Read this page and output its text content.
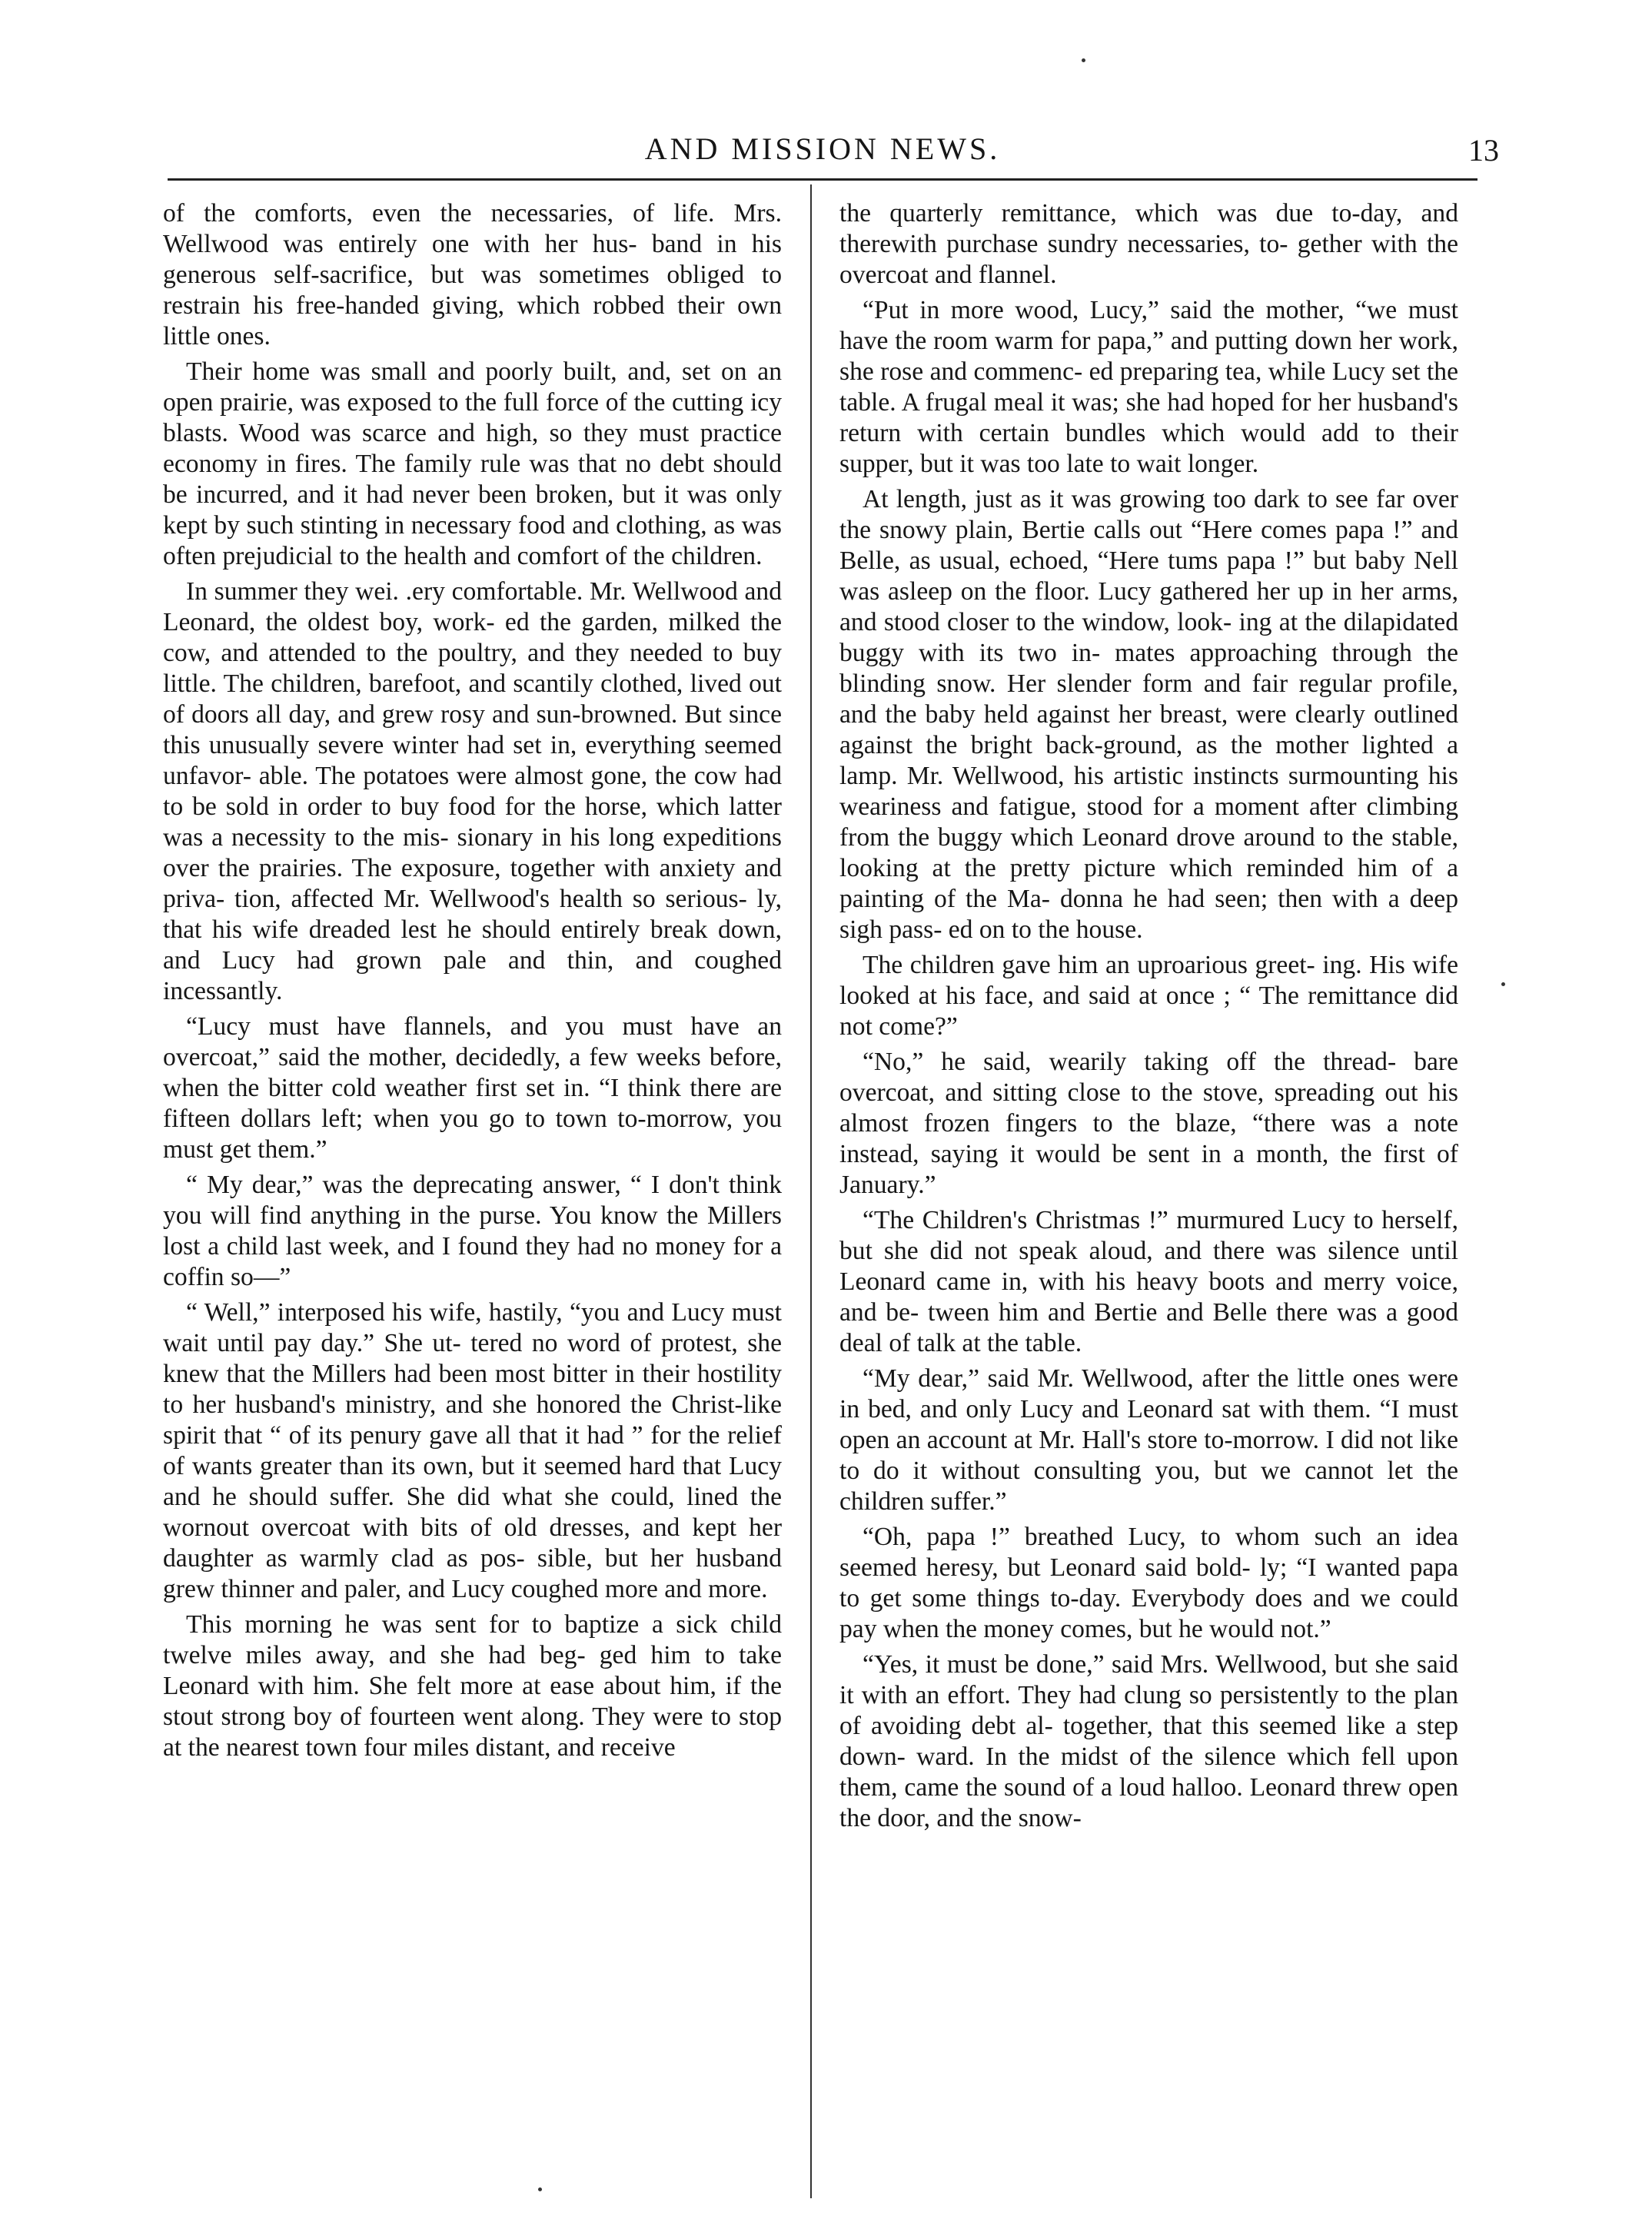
AND MISSION NEWS.	13

of the comforts, even the necessaries, of life. Mrs. Wellwood was entirely one with her hus- band in his generous self-sacrifice, but was sometimes obliged to restrain his free-handed giving, which robbed their own little ones.

Their home was small and poorly built, and, set on an open prairie, was exposed to the full force of the cutting icy blasts. Wood was scarce and high, so they must practice economy in fires. The family rule was that no debt should be incurred, and it had never been broken, but it was only kept by such stinting in necessary food and clothing, as was often prejudicial to the health and comfort of the children.

In summer they wei. .ery comfortable. Mr. Wellwood and Leonard, the oldest boy, work- ed the garden, milked the cow, and attended to the poultry, and they needed to buy little. The children, barefoot, and scantily clothed, lived out of doors all day, and grew rosy and sun-browned. But since this unusually severe winter had set in, everything seemed unfavor- able. The potatoes were almost gone, the cow had to be sold in order to buy food for the horse, which latter was a necessity to the mis- sionary in his long expeditions over the prairies. The exposure, together with anxiety and priva- tion, affected Mr. Wellwood's health so serious- ly, that his wife dreaded lest he should entirely break down, and Lucy had grown pale and thin, and coughed incessantly.

“Lucy must have flannels, and you must have an overcoat,” said the mother, decidedly, a few weeks before, when the bitter cold weather first set in. “I think there are fifteen dollars left; when you go to town to-morrow, you must get them.”

“ My dear,” was the deprecating answer, “ I don't think you will find anything in the purse. You know the Millers lost a child last week, and I found they had no money for a coffin so—”

“ Well,” interposed his wife, hastily, “you and Lucy must wait until pay day.” She ut- tered no word of protest, she knew that the Millers had been most bitter in their hostility to her husband's ministry, and she honored the Christ-like spirit that “ of its penury gave all that it had ” for the relief of wants greater than its own, but it seemed hard that Lucy and he should suffer. She did what she could, lined the wornout overcoat with bits of old dresses, and kept her daughter as warmly clad as pos- sible, but her husband grew thinner and paler, and Lucy coughed more and more.

This morning he was sent for to baptize a sick child twelve miles away, and she had beg- ged him to take Leonard with him. She felt more at ease about him, if the stout strong boy of fourteen went along. They were to stop at the nearest town four miles distant, and receive

the quarterly remittance, which was due to-day, and therewith purchase sundry necessaries, to- gether with the overcoat and flannel.

“Put in more wood, Lucy,” said the mother, “we must have the room warm for papa,” and putting down her work, she rose and commenc- ed preparing tea, while Lucy set the table. A frugal meal it was; she had hoped for her husband's return with certain bundles which would add to their supper, but it was too late to wait longer.

At length, just as it was growing too dark to see far over the snowy plain, Bertie calls out “Here comes papa !” and Belle, as usual, echoed, “Here tums papa !” but baby Nell was asleep on the floor. Lucy gathered her up in her arms, and stood closer to the window, look- ing at the dilapidated buggy with its two in- mates approaching through the blinding snow. Her slender form and fair regular profile, and the baby held against her breast, were clearly outlined against the bright back-ground, as the mother lighted a lamp. Mr. Wellwood, his artistic instincts surmounting his weariness and fatigue, stood for a moment after climbing from the buggy which Leonard drove around to the stable, looking at the pretty picture which reminded him of a painting of the Ma- donna he had seen; then with a deep sigh pass- ed on to the house.

The children gave him an uproarious greet- ing. His wife looked at his face, and said at once ; “ The remittance did not come?”

“No,” he said, wearily taking off the thread- bare overcoat, and sitting close to the stove, spreading out his almost frozen fingers to the blaze, “there was a note instead, saying it would be sent in a month, the first of January.”

“The Children's Christmas !” murmured Lucy to herself, but she did not speak aloud, and there was silence until Leonard came in, with his heavy boots and merry voice, and be- tween him and Bertie and Belle there was a good deal of talk at the table.

“My dear,” said Mr. Wellwood, after the little ones were in bed, and only Lucy and Leonard sat with them. “I must open an account at Mr. Hall's store to-morrow. I did not like to do it without consulting you, but we cannot let the children suffer.”

“Oh, papa !” breathed Lucy, to whom such an idea seemed heresy, but Leonard said bold- ly; “I wanted papa to get some things to-day. Everybody does and we could pay when the money comes, but he would not.”

“Yes, it must be done,” said Mrs. Wellwood, but she said it with an effort. They had clung so persistently to the plan of avoiding debt al- together, that this seemed like a step down- ward. In the midst of the silence which fell upon them, came the sound of a loud halloo. Leonard threw open the door, and the snow-
